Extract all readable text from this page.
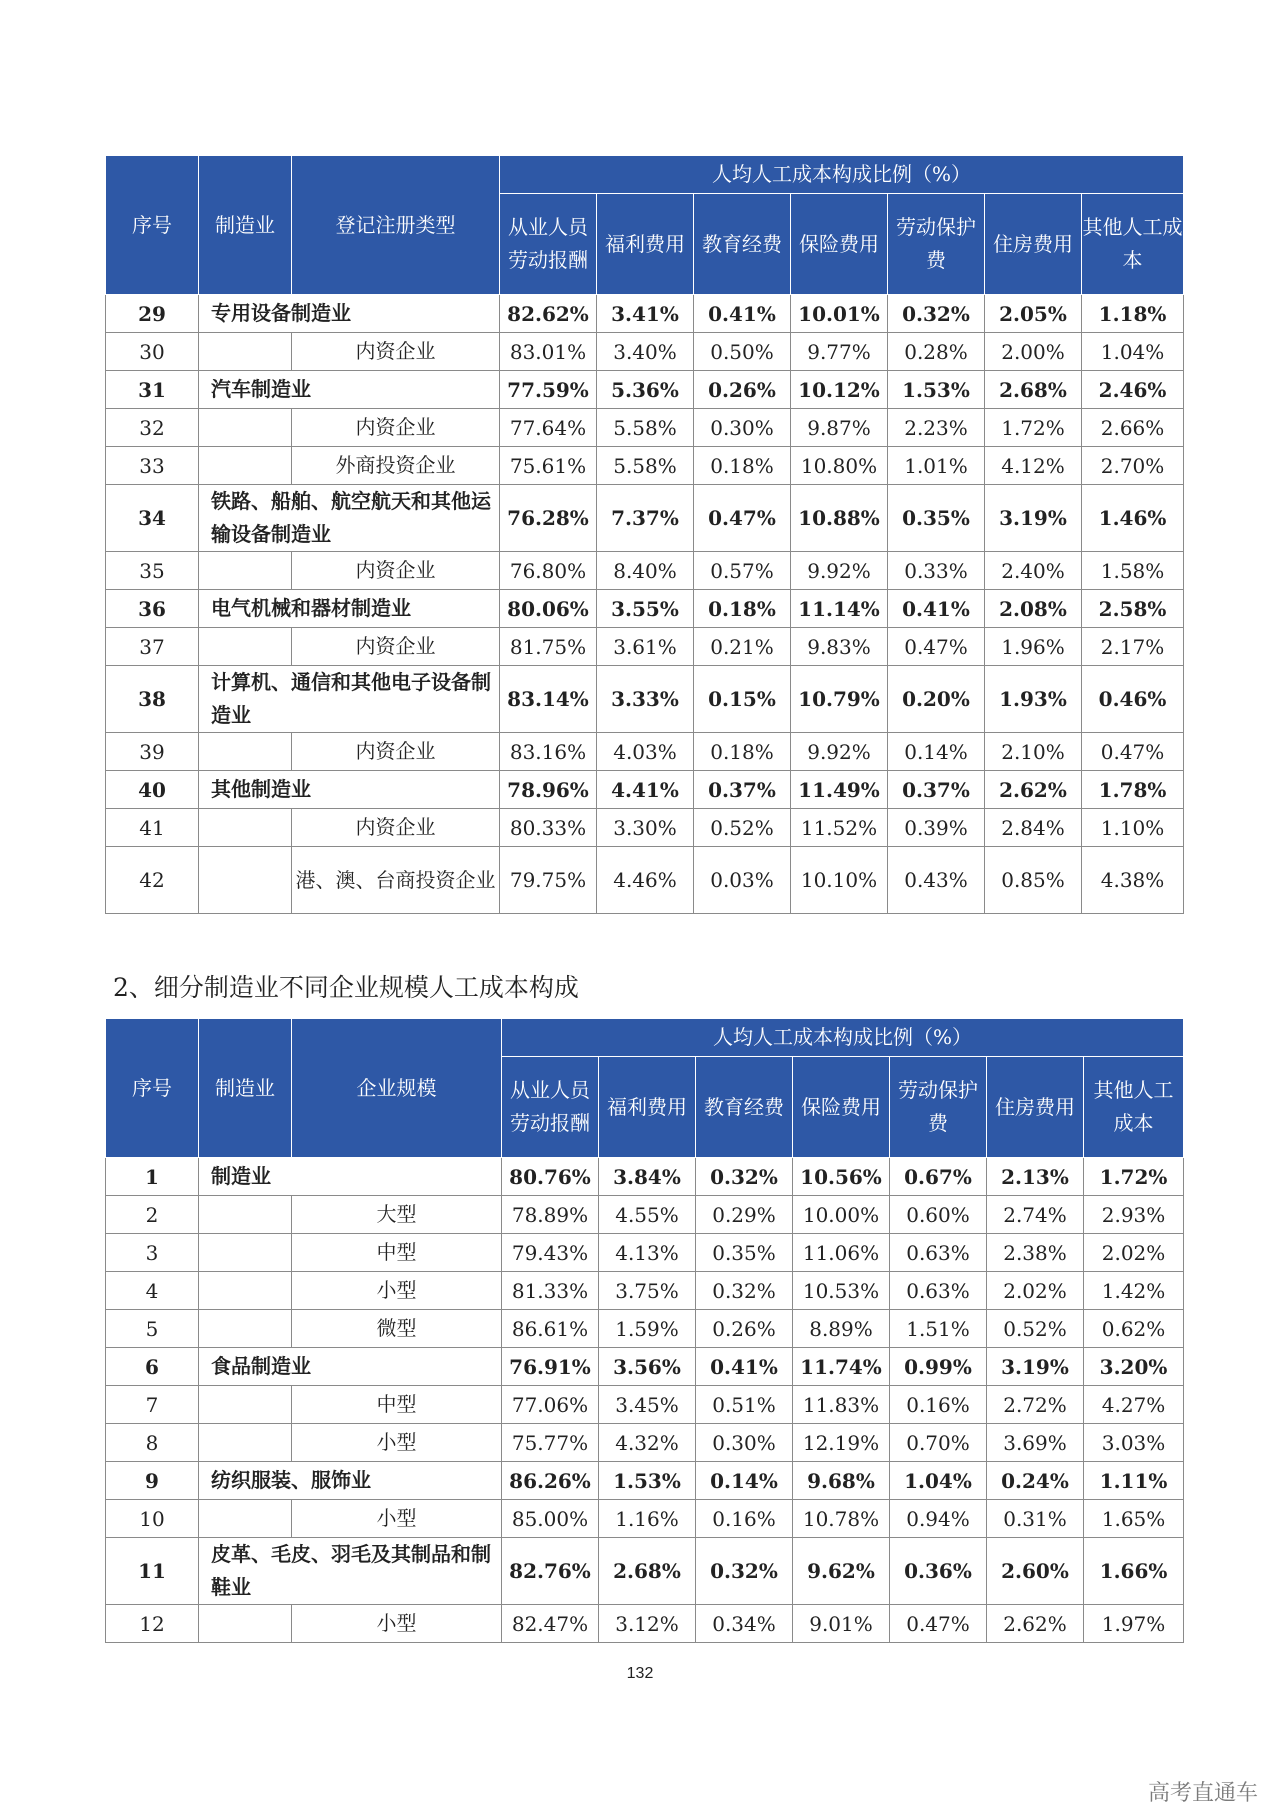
序号	制造业	登记注册类型	人均人工成本构成比例（%）						
			从业人员劳动报酬	福利费用	教育经费	保险费用	劳动保护费	住房费用	其他人工成本
29	专用设备制造业		82.62%	3.41%	0.41%	10.01%	0.32%	2.05%	1.18%
30		内资企业	83.01%	3.40%	0.50%	9.77%	0.28%	2.00%	1.04%
31	汽车制造业		77.59%	5.36%	0.26%	10.12%	1.53%	2.68%	2.46%
32		内资企业	77.64%	5.58%	0.30%	9.87%	2.23%	1.72%	2.66%
33		外商投资企业	75.61%	5.58%	0.18%	10.80%	1.01%	4.12%	2.70%
34	铁路、船舶、航空航天和其他运输设备制造业		76.28%	7.37%	0.47%	10.88%	0.35%	3.19%	1.46%
35		内资企业	76.80%	8.40%	0.57%	9.92%	0.33%	2.40%	1.58%
36	电气机械和器材制造业		80.06%	3.55%	0.18%	11.14%	0.41%	2.08%	2.58%
37		内资企业	81.75%	3.61%	0.21%	9.83%	0.47%	1.96%	2.17%
38	计算机、通信和其他电子设备制造业		83.14%	3.33%	0.15%	10.79%	0.20%	1.93%	0.46%
39		内资企业	83.16%	4.03%	0.18%	9.92%	0.14%	2.10%	0.47%
40	其他制造业		78.96%	4.41%	0.37%	11.49%	0.37%	2.62%	1.78%
41		内资企业	80.33%	3.30%	0.52%	11.52%	0.39%	2.84%	1.10%
42		港、澳、台商投资企业	79.75%	4.46%	0.03%	10.10%	0.43%	0.85%	4.38%
2、细分制造业不同企业规模人工成本构成
序号	制造业	企业规模	人均人工成本构成比例（%）						
			从业人员劳动报酬	福利费用	教育经费	保险费用	劳动保护费	住房费用	其他人工成本
1	制造业		80.76%	3.84%	0.32%	10.56%	0.67%	2.13%	1.72%
2		大型	78.89%	4.55%	0.29%	10.00%	0.60%	2.74%	2.93%
3		中型	79.43%	4.13%	0.35%	11.06%	0.63%	2.38%	2.02%
4		小型	81.33%	3.75%	0.32%	10.53%	0.63%	2.02%	1.42%
5		微型	86.61%	1.59%	0.26%	8.89%	1.51%	0.52%	0.62%
6	食品制造业		76.91%	3.56%	0.41%	11.74%	0.99%	3.19%	3.20%
7		中型	77.06%	3.45%	0.51%	11.83%	0.16%	2.72%	4.27%
8		小型	75.77%	4.32%	0.30%	12.19%	0.70%	3.69%	3.03%
9	纺织服装、服饰业		86.26%	1.53%	0.14%	9.68%	1.04%	0.24%	1.11%
10		小型	85.00%	1.16%	0.16%	10.78%	0.94%	0.31%	1.65%
11	皮革、毛皮、羽毛及其制品和制鞋业		82.76%	2.68%	0.32%	9.62%	0.36%	2.60%	1.66%
12		小型	82.47%	3.12%	0.34%	9.01%	0.47%	2.62%	1.97%
132
高考直通车
